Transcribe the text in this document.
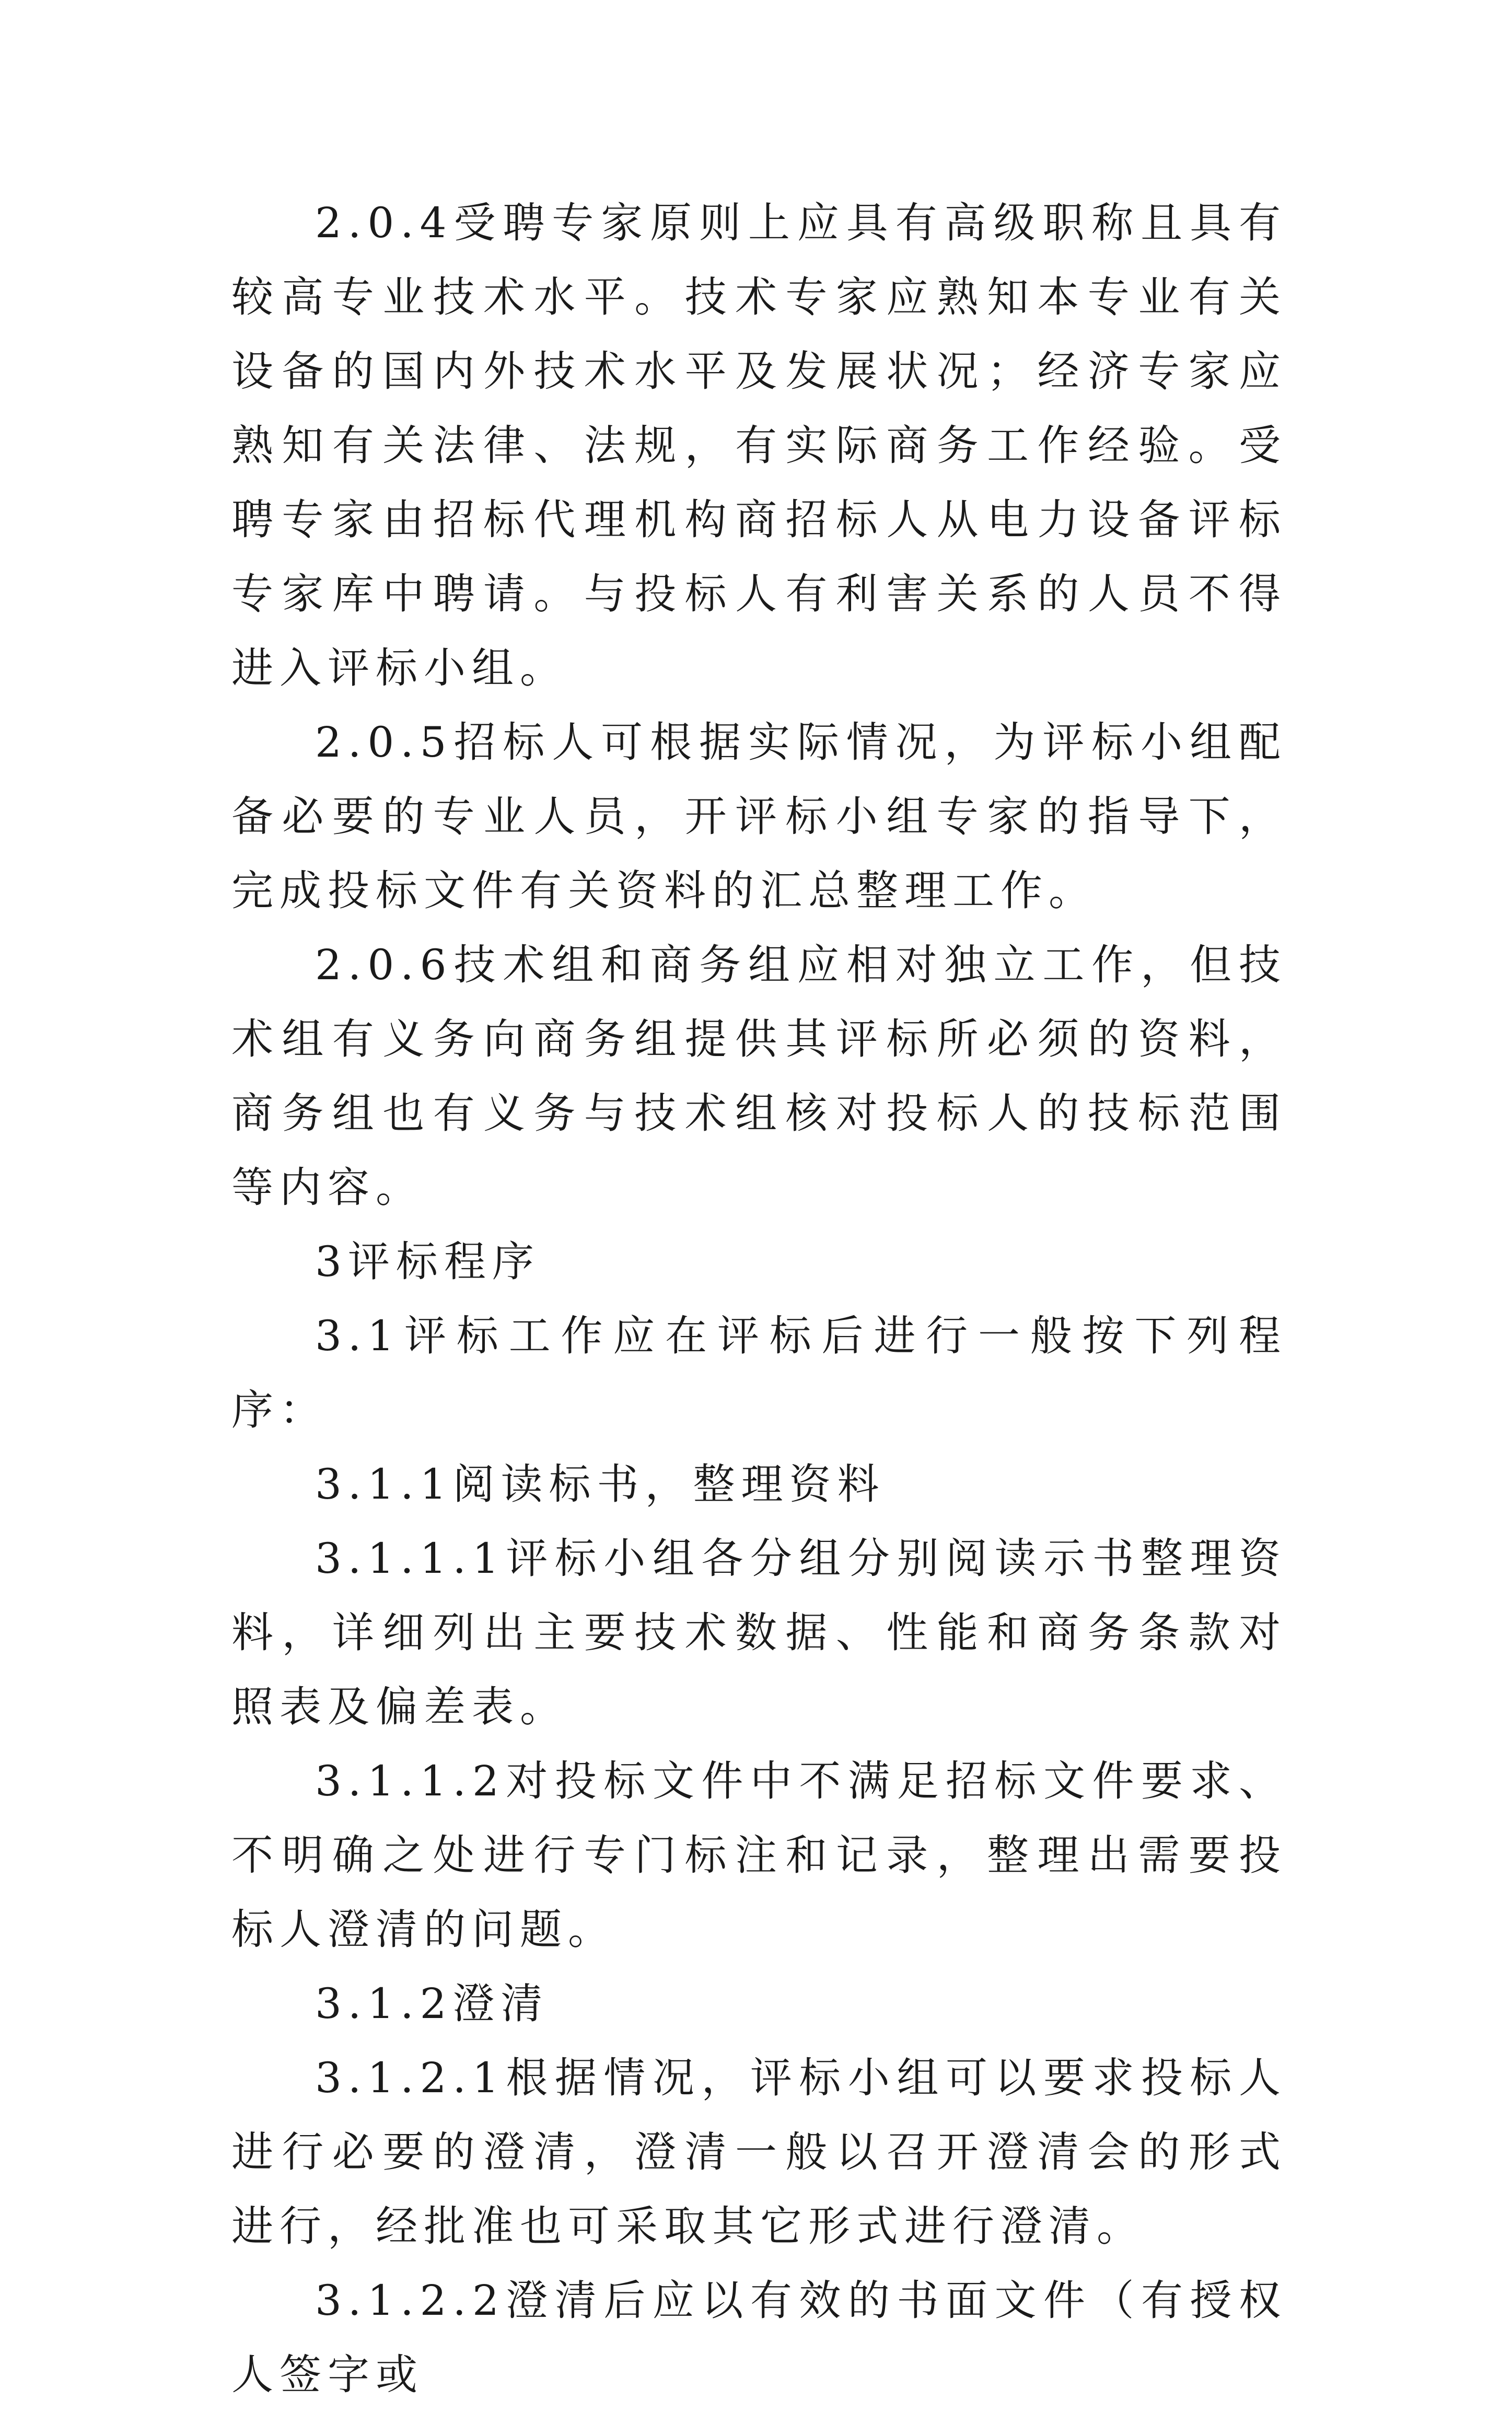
2.0.4受聘专家原则上应具有高级职称且具有较高专业技术水平。技术专家应熟知本专业有关设备的国内外技术水平及发展状况；经济专家应熟知有关法律、法规，有实际商务工作经验。受聘专家由招标代理机构商招标人从电力设备评标专家库中聘请。与投标人有利害关系的人员不得进入评标小组。

2.0.5招标人可根据实际情况，为评标小组配备必要的专业人员，开评标小组专家的指导下，完成投标文件有关资料的汇总整理工作。

2.0.6技术组和商务组应相对独立工作，但技术组有义务向商务组提供其评标所必须的资料，商务组也有义务与技术组核对投标人的技标范围等内容。

3评标程序

3.1评标工作应在评标后进行一般按下列程序：

3.1.1阅读标书，整理资料

3.1.1.1评标小组各分组分别阅读示书整理资料，详细列出主要技术数据、性能和商务条款对照表及偏差表。

3.1.1.2对投标文件中不满足招标文件要求、不明确之处进行专门标注和记录，整理出需要投标人澄清的问题。

3.1.2澄清

3.1.2.1根据情况，评标小组可以要求投标人进行必要的澄清，澄清一般以召开澄清会的形式进行，经批准也可采取其它形式进行澄清。

3.1.2.2澄清后应以有效的书面文件（有授权人签字或
